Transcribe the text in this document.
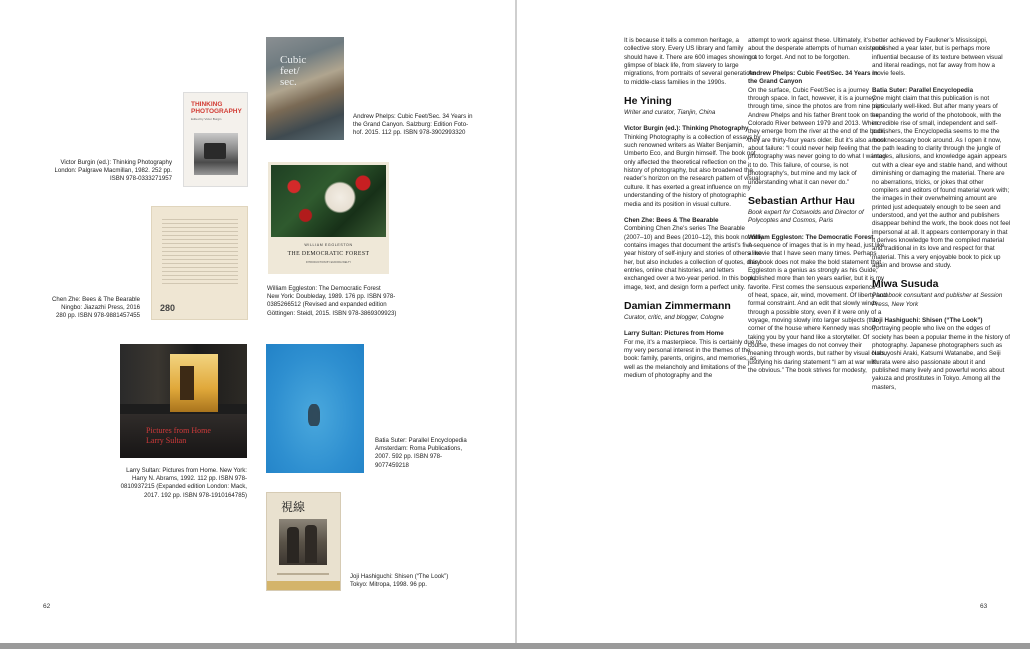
Cubic
feet/
sec.

Andrew Phelps: Cubic Feet/Sec. 34 Years in

the Grand Canyon. Salzburg: Edition Foto-

hof. 2015. 112 pp. ISBN 978-3902993320

THINKING
PHOTOGRAPHY
Edited by Victor Burgin

Victor Burgin (ed.): Thinking Photography

London: Palgrave Macmillan, 1982. 252 pp.

ISBN 978-0333271957

WILLIAM EGGLESTON
THE DEMOCRATIC FOREST
INTRODUCTION BY EUDORA WELTY

William Eggleston: The Democratic Forest

New York: Doubleday, 1989. 176 pp. ISBN 978-

0385266512 (Revised and expanded edition

Göttingen: Steidl, 2015. ISBN 978-3869309923)

280

Chen Zhe: Bees & The Bearable

Ningbo: Jiazazhi Press, 2016

280 pp. ISBN 978-9881457455

Pictures from Home
Larry Sultan

Larry Sultan: Pictures from Home. New York:

Harry N. Abrams, 1992. 112 pp. ISBN 978-

0810937215 (Expanded edition London: Mack,

2017. 192 pp. ISBN 978-1910164785)

Batia Suter: Parallel Encyclopedia

Amsterdam: Roma Publications,

2007. 592 pp. ISBN 978-

9077459218

視線

Joji Hashiguchi: Shisen (“The Look”)

Tokyo: Mitropa, 1998. 96 pp.

62

It is because it tells a common heritage, a collective story. Every US library and family should have it. There are 600 images showing a glimpse of black life, from slavery to large migrations, from portraits of several generations to middle-class families in the 1990s.

He Yining
Writer and curator, Tianjin, China

Victor Burgin (ed.): Thinking Photography
Thinking Photography is a collection of essays by such renowned writers as Walter Benjamin, Umberto Eco, and Burgin himself. The book not only affected the theoretical reflection on the history of photography, but also broadened the reader’s horizon on the research pattern of visual culture. It has exerted a great influence on my understanding of the history of photographic media and its position in visual culture.

Chen Zhe: Bees & The Bearable
Combining Chen Zhe’s series The Bearable (2007–10) and Bees (2010–12), this book not only contains images that document the artist’s five-year history of self-injury and stories of others like her, but also includes a collection of quotes, diary entries, online chat histories, and letters exchanged over a two-year period. In this book, image, text, and design form a perfect unity.

Damian Zimmermann
Curator, critic, and blogger, Cologne

Larry Sultan: Pictures from Home
For me, it’s a masterpiece. This is certainly due to my very personal interest in the themes of the book: family, parents, origins, and memories, as well as the melancholy and limitations of the medium of photography and the

attempt to work against these. Ultimately, it’s about the desperate attempts of human existence not to forget. And not to be forgotten.

Andrew Phelps: Cubic Feet/Sec. 34 Years in the Grand Canyon
On the surface, Cubic Feet/Sec is a journey through space. In fact, however, it is a journey through time, since the photos are from nine trips Andrew Phelps and his father Brent took on the Colorado River between 1979 and 2013. When they emerge from the river at the end of the book, they are thirty-four years older. But it’s also a book about failure: “I could never help feeling that photography was never going to do what I wanted it to do. This failure, of course, is not photography’s, but mine and my lack of understanding what it can never do.”

Sebastian Arthur Hau
Book expert for Cotswolds and Director of Polycoptes and Cosmos, Paris

William Eggleston: The Democratic Forest
A sequence of images that is in my head, just like a movie that I have seen many times. Perhaps this book does not make the bold statement that Eggleston is a genius as strongly as his Guide, published more than ten years earlier, but it is my favorite. First comes the sensuous experience – of heat, space, air, wind, movement. Of liberty and formal constraint. And an edit that slowly winds through a possible story, even if it were only of a voyage, moving slowly into larger subjects (the corner of the house where Kennedy was shot), taking you by your hand like a storyteller. Of course, these images do not convey their meaning through words, but rather by visual cues, justifying his daring statement “I am at war with the obvious.” The book strives for modesty,

better achieved by Faulkner’s Mississippi, published a year later, but is perhaps more influential because of its texture between visual and literal readings, not far away from how a movie feels.

Batia Suter: Parallel Encyclopedia
One might claim that this publication is not particularly well-liked. But after many years of expanding the world of the photobook, with the incredible rise of small, independent and self-publishers, the Encyclopedia seems to me the most necessary book around. As I open it now, the path leading to clarity through the jungle of images, allusions, and knowledge again appears cut with a clear eye and stable hand, and without diminishing or damaging the material. There are no aberrations, tricks, or jokes that other compilers and editors of found material work with; the images in their overwhelming amount are printed just adequately enough to be seen and understood, and yet the author and publishers disappear behind the work, the book does not feel impersonal at all. It appears contemporary in that it derives knowledge from the compiled material and traditional in its love and respect for that material. This a very enjoyable book to pick up again and browse and study.

Miwa Susuda
Photobook consultant and publisher at Session Press, New York

Joji Hashiguchi: Shisen (“The Look”)
Portraying people who live on the edges of society has been a popular theme in the history of photography. Japanese photographers such as Nobuyoshi Araki, Katsumi Watanabe, and Seiji Kurata were also passionate about it and published many lively and powerful works about yakuza and prostitutes in Tokyo. Among all the masters,

63
